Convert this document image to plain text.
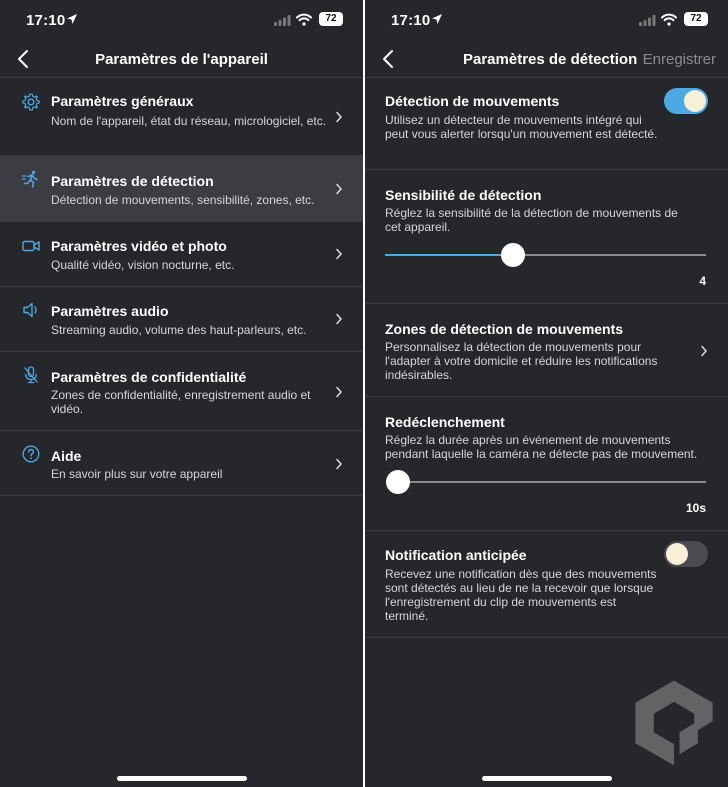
17:10	72
Paramètres de l'appareil
Paramètres généraux
Nom de l'appareil, état du réseau, micrologiciel, etc.
Paramètres de détection
Détection de mouvements, sensibilité, zones, etc.
Paramètres vidéo et photo
Qualité vidéo, vision nocturne, etc.
Paramètres audio
Streaming audio, volume des haut-parleurs, etc.
Paramètres de confidentialité
Zones de confidentialité, enregistrement audio et vidéo.
Aide
En savoir plus sur votre appareil
17:10	72
Paramètres de détection Enregistrer
Détection de mouvements
Utilisez un détecteur de mouvements intégré qui peut vous alerter lorsqu'un mouvement est détecté.
Sensibilité de détection
Réglez la sensibilité de la détection de mouvements de cet appareil.
4
Zones de détection de mouvements
Personnalisez la détection de mouvements pour l'adapter à votre domicile et réduire les notifications indésirables.
Redéclenchement
Réglez la durée après un événement de mouvements pendant laquelle la caméra ne détecte pas de mouvement.
10s
Notification anticipée
Recevez une notification dès que des mouvements sont détectés au lieu de ne la recevoir que lorsque l'enregistrement du clip de mouvements est terminé.
